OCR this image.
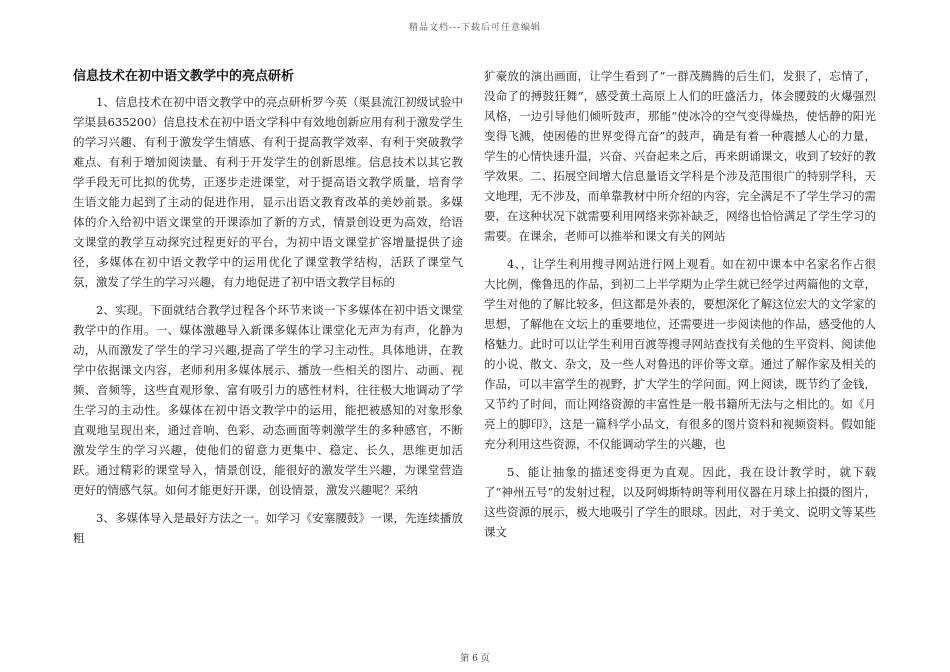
精品文档---下载后可任意编辑
信息技术在初中语文教学中的亮点研析

1、信息技术在初中语文教学中的亮点研析罗今英（渠县流江初级试验中学渠县635200）信息技术在初中语文学科中有效地创新应用有利于激发学生的学习兴趣、有利于激发学生情感、有利于提高教学效率、有利于突破教学难点、有利于增加阅读量、有利于开发学生的创新思维。信息技术以其它教学手段无可比拟的优势，正逐步走进课堂，对于提高语文教学质量，培育学生语文能力起到了主动的促进作用，显示出语文教育改革的美妙前景。多媒体的介入给初中语文课堂的开课添加了新的方式，情景创设更为高效，给语文课堂的教学互动探究过程更好的平台，为初中语文课堂扩容增量提供了途径，多媒体在初中语文教学中的运用优化了课堂教学结构，活跃了课堂气氛，激发了学生的学习兴趣，有力地促进了初中语文教学目标的

2、实现。下面就结合教学过程各个环节来谈一下多媒体在初中语文课堂教学中的作用。一、媒体激趣导入新课多媒体让课堂化无声为有声，化静为动，从而激发了学生的学习兴趣,提高了学生的学习主动性。具体地讲，在教学中依据课文内容，老师利用多媒体展示、播放一些相关的图片、动画、视频、音频等，这些直观形象、富有吸引力的感性材料，往往极大地调动了学生学习的主动性。多媒体在初中语文教学中的运用，能把被感知的对象形象直观地呈现出来，通过音响、色彩、动态画面等刺激学生的多种感官，不断激发学生的学习兴趣，使他们的留意力更集中、稳定、长久，思维更加活跃。通过精彩的课堂导入，情景创设，能很好的激发学生兴趣，为课堂营造更好的情感气氛。如何才能更好开课，创设情景，激发兴趣呢？采纳

3、多媒体导入是最好方法之一。如学习《安塞腰鼓》一课，先连续播放粗

犷豪放的演出画面，让学生看到了“一群茂腾腾的后生们，发狠了，忘情了，没命了的搏鼓狂舞”，感受黄土高原上人们的旺盛活力，体会腰鼓的火爆强烈风格，一边引导他们倾听鼓声，那能“使冰冷的空气变得燥热，使恬静的阳光变得飞溅，使困倦的世界变得亢奋”的鼓声，确是有着一种震撼人心的力量，学生的心情快速升温，兴奋、兴奋起来之后，再来朗诵课文，收到了较好的教学效果。二、拓展空间增大信息量语文学科是个涉及范围很广的特别学科，天文地理，无不涉及，而单靠教材中所介绍的内容，完全满足不了学生学习的需要，在这种状况下就需要利用网络来弥补缺乏，网络也恰恰满足了学生学习的需要。在课余，老师可以推举和课文有关的网站

4、，让学生利用搜寻网站进行网上观看。如在初中课本中名家名作占很大比例，像鲁迅的作品，到初二上半学期为止学生就已经学过两篇他的文章，学生对他的了解比较多，但这都是外表的，要想深化了解这位宏大的文学家的思想，了解他在文坛上的重要地位，还需要进一步阅读他的作品，感受他的人格魅力。此时可以让学生利用百渡等搜寻网站查找有关他的生平资料、阅读他的小说、散文、杂文，及一些人对鲁迅的评价等文章。通过了解作家及相关的作品，可以丰富学生的视野，扩大学生的学问面。网上阅读，既节约了金钱，又节约了时间，而让网络资源的丰富性是一般书籍所无法与之相比的。如《月亮上的脚印》，这是一篇科学小品文，有很多的图片资料和视频资料。假如能充分利用这些资源，不仅能调动学生的兴趣，也

5、能让抽象的描述变得更为直观。因此，我在设计教学时，就下载了“神州五号”的发射过程，以及阿姆斯特朗等利用仪器在月球上拍摄的图片，这些资源的展示，极大地吸引了学生的眼球。因此，对于美文、说明文等某些课文

第 6 页
